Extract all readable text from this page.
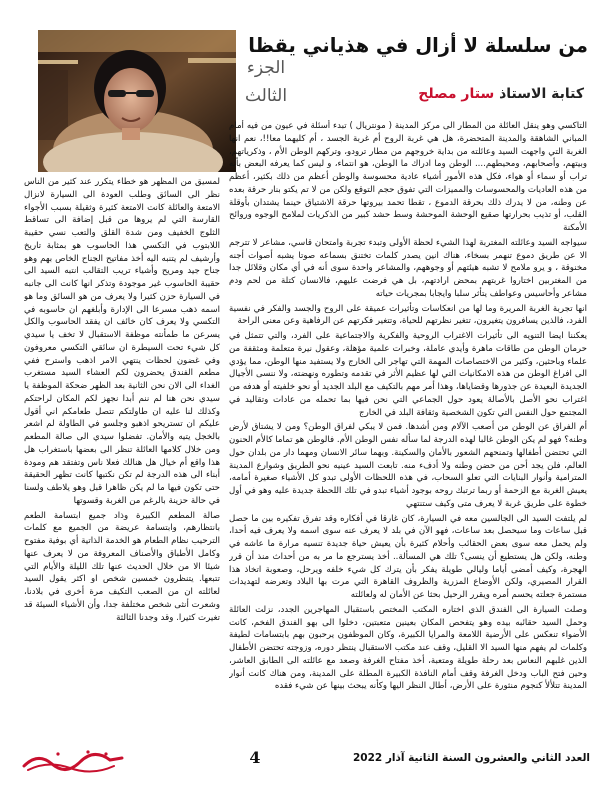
من سلسلة لا أزال في هذياني يقظا
الجزء
الثالث	كتابة الاستاذ ستار مصلح

التاكسي وهو ينقل العائلة من المطار الى مركز المدينة ( مونتريال ) تبدء أسئلة في عيون من فيه أمام المباني الشاهقة والمدينة المتحضرة، هل هي غربة الروح أم غربة الجسد ، أم كليهما معا!!، نعم انها الغربة التي واجهت السيد وعائلته من بداية خروجهم من مطار ترودو، وتركهم الوطن الأم ، وذكرياتهم، وبيتهم، وأصحابهم، ومحيطهم.... الوطن وما ادراك ما الوطن، هو انتماء، و ليس كما يعرفه البعض بأنه تراب أو سماء أو هواء، فكل هذه الأمور أشياء عادية محسوسة والوطن أعظم من ذلك بكثير، أعظم من هذه العاديات والمحسوسات والمميزات التي تفوق حجم التوقع ولكن من لا تم يكتو بنار حرقة بعده عن وطنه، من لا يدرك ذلك بحرقة الدموع ، تقطا تحمد بيروتها حرقة الاشتياق حينما يشتدان بأوقلة القلب، أو تذيب بحرارتها صقيع الوحشة الموحشة وسط حشد كبير من الذكريات لملامح الوجوه وروائح الأمكنة

سيواجه السيد وعائلته المغتربة لهذا الشيء لحظة الأولى وتبدء تجربة وامتحان قاسي، مشاعر لا تترجم الا عن طريق دموع تنهمر بسخاء، هناك انين يصدر كلمات تختنق بسماعه صوتا يشبه أصوات أجنه مخنوقة ، و يرو ملامح لا تشبه هيئتهم أو وجوههم، والمشاعر واحدة سوى أنه في أي مكان وقلائل جدا من المغتربين اختاروا غربتهم بمحض ارادتهم، بل هي فرضت عليهم، فالانسان كتلة من لحم ودم مشاعر وأحاسيس وعواطف يتأثر سلبا وايجابا بمجريات حياته

انها تجربة الغربة المريرة وما لها من انعكاسات وتأثيرات عميقة على الروح والجسد والفكر في نفسية الفرد، فالذين يسافرون يتغيرون، تتغير نظرتهم للحياة، وتتغير فكرتهم عن الرفاهية وعن معنى الراحة

يعكننا ايضا التنويه الى تأثيرات الاغتراب الروحية والفكرية والاجتماعية على الفرد، والتي تتمثل في حرمان الوطن من طاقات ماهرة وأيدي عاملة، وخبرات علمية مؤهلة، وعقول نيرة متعلمة ومثقفة من علماء وباحثين، وكثير من الاختصاصات المهمة التي تهاجر الى الخارج ولا يستفيد منها الوطن، مما يؤدي الى افراغ الوطن من هذه الامكانيات التي لها عظيم الأثر في تقدمه وتطوره ونهضته، ولا ننسى الأجيال الجديدة البعيدة عن جذورها وقضاياها، وهذا أمر مهم بالتكيف مع البلد الجديد أو نحو خلفيته أو هدفه من اغتراب نحو الأصل بالأصالة يعود حول الجماعي التي نحن فيها بما تحمله من عادات وتقاليد في المجتمع حول النفس التي تكون الشخصية وثقافة البلد في الخارج

أم الفراق عن الوطن من أصعب الآلام ومن أشدها. فمن لا يبكي لفراق الوطن؟ ومن لا يشتاق لأرض وطنه؟ فهو لم يكن الوطن غالبا لهذه الدرجة لما سأله نفس الوطن الأم. فالوطن هو تماما كالأم الحنون التي تحتضن أطفالها وتمنحهم الشعور بالأمان والسكينة. وبهما سائر الانسان ومهما دار من بلدان حول العالم، فلن يجد أحن من حضن وطنه ولا أدفء منه. تابعت السيد عينيه نحو الطريق وشوارع المدينة المترامية وأنوار البنايات التي تعلو السحاب، في هذه اللحظات الأولى تبدو كل الأشياء صغيرة أمامه، يعيش الغربة مع الزحمة أو ربما ترتبك روحه بوجود أشياء تبدو في تلك اللحظة جديدة عليه وهو في أول خطوة على طريق غربة لا يعرف متى وكيف ستنتهي

لم يلتفت السيد الى الجالسين معه في السيارة، كان غارقا في أفكاره وقد تفرق تفكيره بين ما حصل قبل ساعات وما سيحصل بعد ساعات، فهو الآن في بلد لا يعرف عنه سوى اسمه ولا يعرف فيه أحدا، ولم يحمل معه سوى بعض الحقائب وأحلام كثيرة بأن يعيش حياة جديدة تنسيه مرارة ما عاشه في وطنه، ولكن هل يستطيع أن ينسى؟ تلك هي المسألة.. أخذ يسترجع ما مر به من أحداث منذ أن قرر الهجرة، وكيف أمضى أياما وليالي طويلة يفكر بأن يترك كل شيء خلفه ويرحل، وصعوبة اتخاذ هذا القرار المصيري، ولكن الأوضاع المزرية والظروف القاهرة التي مرت بها البلاد وتعرضه لتهديدات مستمرة جعلته يحسم أمره ويقرر الرحيل بحثا عن الأمان له ولعائلته

وصلت السيارة الى الفندق الذي اختاره المكتب المختص باستقبال المهاجرين الجدد، نزلت العائلة وحمل السيد حقائبه بيده وهو يتفحص المكان بعينين متعبتين، دخلوا الى بهو الفندق الفخم، كانت الأضواء تنعكس على الأرضية اللامعة والمرايا الكبيرة، وكان الموظفون يرحبون بهم بابتسامات لطيفة وكلمات لم يفهم منها السيد الا القليل، وقف عند مكتب الاستقبال ينتظر دوره، وزوجته تحتضن الأطفال الذين غلبهم النعاس بعد رحلة طويلة ومتعبة، أخذ مفتاح الغرفة وصعد مع عائلته الى الطابق العاشر، وحين فتح الباب ودخل الغرفة وقف أمام النافذة الكبيرة المطلة على المدينة، ومن هناك كانت أنوار المدينة تتلألأ كنجوم منثورة على الأرض، أطال النظر اليها وكأنه يبحث بينها عن شيء فقده

لمسيق من المظهر هو خطاء يتكرر عند كثير من الناس نظر الى السائق وطلب العودة الى السيارة لانزال الامتعة والعائلة كانت الامتعة كثيرة وثقيلة بسبب الأجواء القارسة التي لم يروها من قبل إضافة الى تساقط الثلوج الخفيف ومن شدة القلق والتعب نسي حقيبة اللابتوب في التكسي هذا الحاسوب هو بمثابة تاريخ وأرشيف لم يتنبه اليه أخذ مفاتيح الجناح الخاص بهم وهو جناح جيد ومريح وأشياء تريب التقالب انتبه السيد الى حقيبة الحاسوب غير موجودة وتذكر انها كانت الى جانبه في السيارة حزن كثيرا ولا يعرف من هو السائق وما هو اسمه ذهب مسرعا الى الإدارة وأبلغهم ان حاسوبه في التكسي ولا يعرف كان خائف ان يفقد الحاسوب والكل يسرعن ما طمأنته موظفة الاستقبال لا تخف يا سيدي كل شيء تحت السيطرة ان سائقي التكسي معروفون وفي غضون لحظات ينتهي الامر اذهب واسترح ففي مطعم الفندق يحضرون لكم العشاء السيد مستغرب الغداء الى الان نحن الثانية بعد الظهر ضحكة الموظفة يا سيدي نحن هنا لم ننم أبدا نجهز لكم المكان لراحتكم وكذلك لنا عليه ان طاولتكم تتصل طعامكم اني أقول عليكم ان تستريحو اذهبو وجلسو في الطاولة لم اشعر بالخجل يتيه والأمان. تفضلوا سيدي الى صالة المطعم ومن خلال كلامها العائلة تنظر الى بعضها باستغراب هل هذا واقع أم خيال هل هنالك فعلا ناس وتفتقد هم ومودة أبناء الى هذه الدرجة لم تكن نكتبها كانت تظهر الحقيقة حتى تكون فيها ما لم يكن ظاهرا قبل وهو يلاطف ولسنا في حالة حزينة بالرغم من الغربة وقسوتها

صالة المطعم الكبيرة وذاد جميع ابتسامة الطعم بانتظارهم، وابتسامة عريضة من الجميع مع كلمات الترحيب نظام الطعام هو الخدمة الذاتية أي بوفية مفتوح وكامل الأطباق والأصناف المعروفة من لا يعرف عنها شيئا الا من خلال الحديث عنها تلك الليلة والأيام التي تتبعها. يتنظرون خمسين شخص او اكثر يقول السيد لعائلته ان من الصعب التكيف مرة أخرى في بلادنا، وشعرت أنثى شخص مختلفة جدا، وأن الأشياء السيئة قد تغيرت كثيرا. وقد وجدنا الثالثة

العدد الثاني والعشرون السنة الثانية آذار 2022
4
